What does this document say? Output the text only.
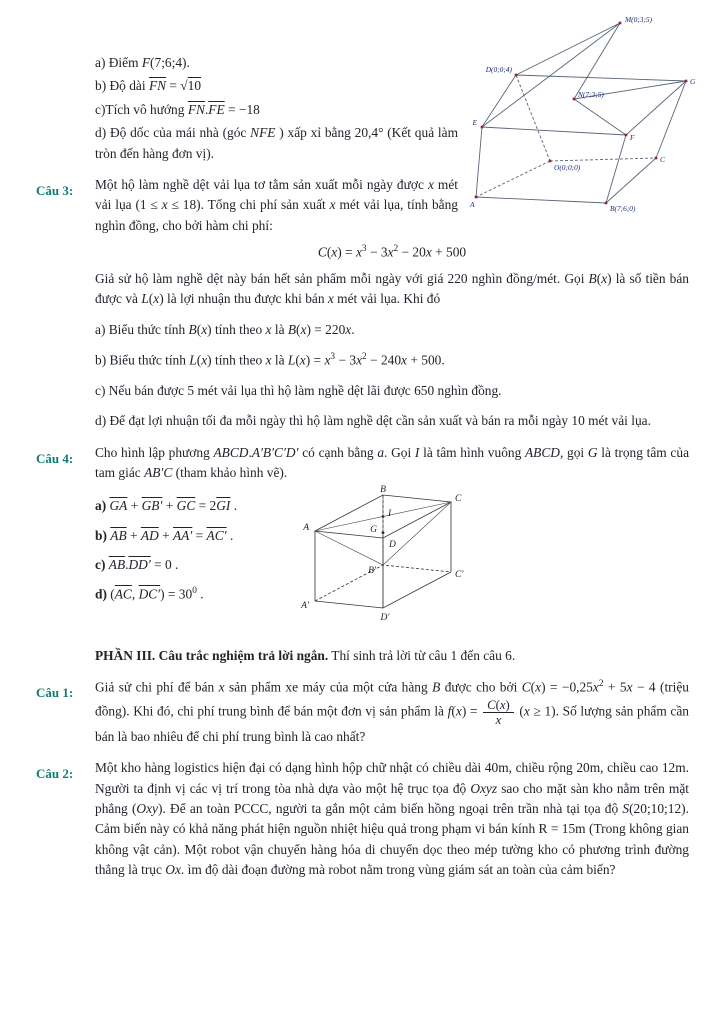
M(0;3;5)
D(0;0;4)
G
N(7;3;5)
E
F
O(0;0;0)
C
A	B(7;6;0)

a) Điểm F(7;6;4).

b) Độ dài $\overline{FN} = √10$

c)Tích vô hướng $\overline{FN}.\overline{FE} = -18$

d) Độ dốc của mái nhà (góc NFE ) xấp xỉ bằng 20,4° (Kết quả làm tròn đến hàng đơn vị).

Câu 3:	Một hộ làm nghề dệt vải lụa tơ tằm sản xuất mỗi ngày được x mét vải lụa (1 ≤ x ≤ 18). Tổng chi phí sản xuất x mét vải lụa, tính bằng nghìn đồng, cho bởi hàm chi phí:

$C(x) = x^3 - 3x^2 - 20x + 500$

Giả sử hộ làm nghề dệt này bán hết sản phẩm mỗi ngày với giá 220 nghìn đồng/mét. Gọi B(x) là số tiền bán được và L(x) là lợi nhuận thu được khi bán x mét vải lụa. Khi đó

a) Biểu thức tính B(x) tính theo x là B(x) = 220x.

b) Biểu thức tính L(x) tính theo x là $L(x) = x^3 - 3x^2 - 240x + 500$.

c) Nếu bán được 5 mét vải lụa thì hộ làm nghề dệt lãi được 650 nghìn đồng.

d) Để đạt lợi nhuận tối đa mỗi ngày thì hộ làm nghề dệt cần sản xuất và bán ra mỗi ngày 10 mét vải lụa.

Câu 4:	Cho hình lập phương ABCD.A′B′C′D′ có cạnh bằng a. Gọi I là tâm hình vuông ABCD, gọi G là trọng tâm của tam giác AB′C (tham khảo hình vẽ).

a) $\overline{GA} + GB' + \overline{GC} = 2\overline{GI}$ .

b) $\overline{AB} + \overline{AD} + AA' = AC'$ .

c) $\overline{AB}.DD' = 0$ .

d) ($\overline{AC}$, $DC') = 30^0$ .

B
C
A
D
I
G
A′
B′	C′
D′

PHẦN III. Câu trắc nghiệm trả lời ngắn. Thí sinh trả lời từ câu 1 đến câu 6.

Câu 1:	Giả sử chi phí để bán x sản phẩm xe máy của một cửa hàng B được cho bởi $C(x) = -0,25x^2 + 5x - 4$ (triệu đồng). Khi đó, chi phí trung bình để bán một đơn vị sản phẩm là $f(x) = \frac{C(x)}{x} (x \ge 1)$. Số lượng sản phẩm cần bán là bao nhiêu để chi phí trung bình là cao nhất?

Câu 2:	Một kho hàng logistics hiện đại có dạng hình hộp chữ nhật có chiều dài 40m, chiều rộng 20m, chiều cao 12m. Người ta định vị các vị trí trong tòa nhà dựa vào một hệ trục tọa độ Oxyz sao cho mặt sàn kho nằm trên mặt phẳng (Oxy). Để an toàn PCCC, người ta gắn một cảm biến hồng ngoại trên trần nhà tại tọa độ S(20;10;12). Cảm biến này có khả năng phát hiện nguồn nhiệt hiệu quả trong phạm vi bán kính R = 15m (Trong không gian không vật cản). Một robot vận chuyển hàng hóa di chuyển dọc theo mép tường kho có phương trình đường thẳng là trục Ox. ìm độ dài đoạn đường mà robot nằm trong vùng giám sát an toàn của cảm biến?
